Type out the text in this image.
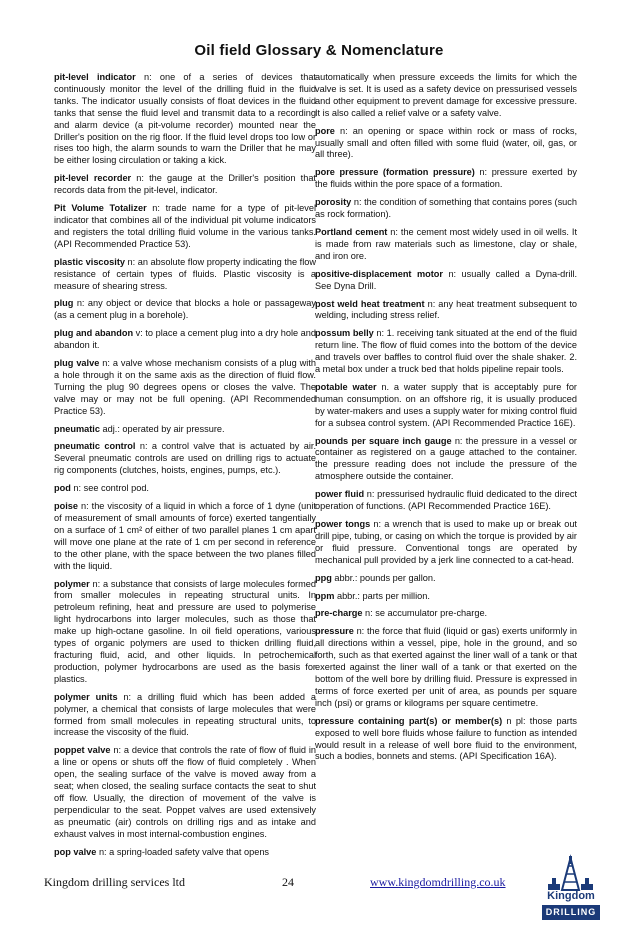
Oil field Glossary & Nomenclature

pit-level indicator n: one of a series of devices that continuously monitor the level of the drilling fluid in the fluid tanks. The indicator usually consists of float devices in the fluid tanks that sense the fluid level and transmit data to a recording and alarm device (a pit-volume recorder) mounted near the Driller's position on the rig floor. If the fluid level drops too low or rises too high, the alarm sounds to warn the Driller that he may be either losing circulation or taking a kick.

pit-level recorder n: the gauge at the Driller's position that records data from the pit-level, indicator.

Pit Volume Totalizer n: trade name for a type of pit-level indicator that combines all of the individual pit volume indicators and registers the total drilling fluid volume in the various tanks. (API Recommended Practice 53).

plastic viscosity n: an absolute flow property indicating the flow resistance of certain types of fluids. Plastic viscosity is a measure of shearing stress.

plug n: any object or device that blocks a hole or passageway (as a cement plug in a borehole).

plug and abandon v: to place a cement plug into a dry hole and abandon it.

plug valve n: a valve whose mechanism consists of a plug with a hole through it on the same axis as the direction of fluid flow. Turning the plug 90 degrees opens or closes the valve. The valve may or may not be full opening. (API Recommended Practice 53).

pneumatic adj.: operated by air pressure.

pneumatic control n: a control valve that is actuated by air. Several pneumatic controls are used on drilling rigs to actuate rig components (clutches, hoists, engines, pumps, etc.).

pod n: see control pod.

poise n: the viscosity of a liquid in which a force of 1 dyne (unit of measurement of small amounts of force) exerted tangentially on a surface of 1 cm² of either of two parallel planes 1 cm apart will move one plane at the rate of 1 cm per second in reference to the other plane, with the space between the two planes filled with the liquid.

polymer n: a substance that consists of large molecules formed from smaller molecules in repeating structural units. In petroleum refining, heat and pressure are used to polymerise light hydrocarbons into larger molecules, such as those that make up high-octane gasoline. In oil field operations, various types of organic polymers are used to thicken drilling fluid, fracturing fluid, acid, and other liquids. In petrochemical production, polymer hydrocarbons are used as the basis for plastics.

polymer units n: a drilling fluid which has been added a polymer, a chemical that consists of large molecules that were formed from small molecules in repeating structural units, to increase the viscosity of the fluid.

poppet valve n: a device that controls the rate of flow of fluid in a line or opens or shuts off the flow of fluid completely . When open, the sealing surface of the valve is moved away from a seat; when closed, the sealing surface contacts the seat to shut off flow. Usually, the direction of movement of the valve is perpendicular to the seat. Poppet valves are used extensively as pneumatic (air) controls on drilling rigs and as intake and exhaust valves in most internal-combustion engines.

pop valve n: a spring-loaded safety valve that opens

automatically when pressure exceeds the limits for which the valve is set. It is used as a safety device on pressurised vessels and other equipment to prevent damage for excessive pressure. It is also called a relief valve or a safety valve.

pore n: an opening or space within rock or mass of rocks, usually small and often filled with some fluid (water, oil, gas, or all three).

pore pressure (formation pressure) n: pressure exerted by the fluids within the pore space of a formation.

porosity n: the condition of something that contains pores (such as rock formation).

Portland cement n: the cement most widely used in oil wells. It is made from raw materials such as limestone, clay or shale, and iron ore.

positive-displacement motor n: usually called a Dyna-drill. See Dyna Drill.

post weld heat treatment n: any heat treatment subsequent to welding, including stress relief.

possum belly n: 1. receiving tank situated at the end of the fluid return line. The flow of fluid comes into the bottom of the device and travels over baffles to control fluid over the shale shaker. 2. a metal box under a truck bed that holds pipeline repair tools.

potable water n. a water supply that is acceptably pure for human consumption. on an offshore rig, it is usually produced by water-makers and uses a supply water for mixing control fluid for a subsea control system. (API Recommended Practice 16E).

pounds per square inch gauge n: the pressure in a vessel or container as registered on a gauge attached to the container. the pressure reading does not include the pressure of the atmosphere outside the container.

power fluid n: pressurised hydraulic fluid dedicated to the direct operation of functions. (API Recommended Practice 16E).

power tongs n: a wrench that is used to make up or break out drill pipe, tubing, or casing on which the torque is provided by air or fluid pressure. Conventional tongs are operated by mechanical pull provided by a jerk line connected to a cat-head.

ppg abbr.: pounds per gallon.

ppm abbr.: parts per million.

pre-charge n: se accumulator pre-charge.

pressure n: the force that fluid (liquid or gas) exerts uniformly in all directions within a vessel, pipe, hole in the ground, and so forth, such as that exerted against the liner wall of a tank or that exerted against the liner wall of a tank or that exerted on the bottom of the well bore by drilling fluid. Pressure is expressed in terms of force exerted per unit of area, as pounds per square inch (psi) or grams or kilograms per square centimetre.

pressure containing part(s) or member(s) n pl: those parts exposed to well bore fluids whose failure to function as intended would result in a release of well bore fluid to the environment, such a bodies, bonnets and stems. (API Specification 16A).

Kingdom drilling services ltd	24	www.kingdomdrilling.co.uk
Kingdom
DRILLING
